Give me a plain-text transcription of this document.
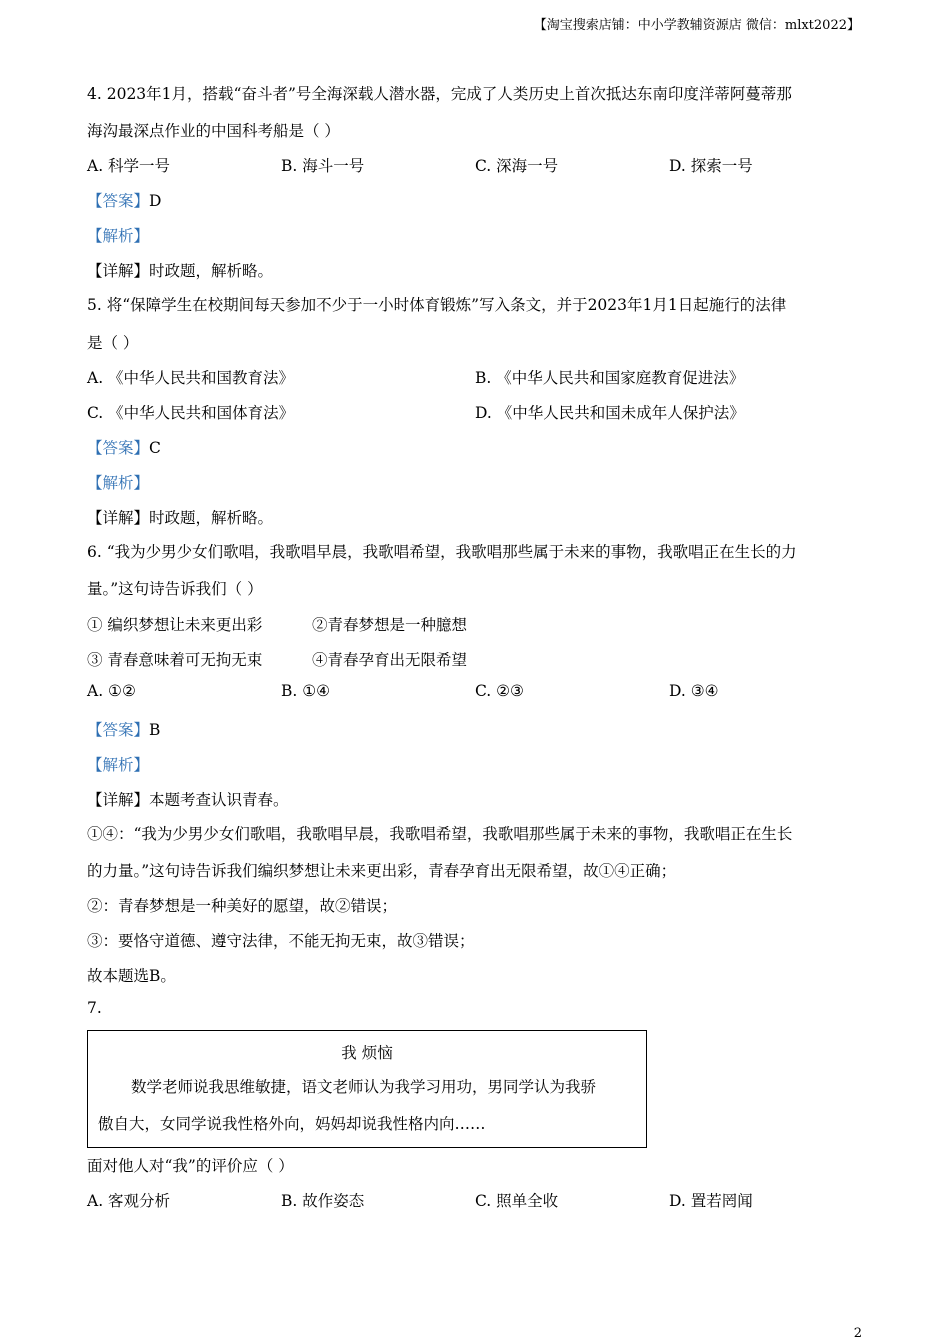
【淘宝搜索店铺：中小学教辅资源店 微信：mlxt2022】
4. 2023年1月，搭载“奋斗者”号全海深载人潜水器，完成了人类历史上首次抵达东南印度洋蒂阿蔓蒂那
海沟最深点作业的中国科考船是（ ）
A. 科学一号	B. 海斗一号	C. 深海一号	D. 探索一号
【答案】D
【解析】
【详解】时政题，解析略。
5. 将“保障学生在校期间每天参加不少于一小时体育锻炼”写入条文，并于2023年1月1日起施行的法律
是（ ）
A. 《中华人民共和国教育法》	B. 《中华人民共和国家庭教育促进法》
C. 《中华人民共和国体育法》	D. 《中华人民共和国未成年人保护法》
【答案】C
【解析】
【详解】时政题，解析略。
6. “我为少男少女们歌唱，我歌唱早晨，我歌唱希望，我歌唱那些属于未来的事物，我歌唱正在生长的力
量。”这句诗告诉我们（ ）
① 编织梦想让未来更出彩	②青春梦想是一种臆想
③ 青春意味着可无拘无束	④青春孕育出无限希望
A. ①②	B. ①④	C. ②③	D. ③④
【答案】B
【解析】
【详解】本题考查认识青春。
①④：“我为少男少女们歌唱，我歌唱早晨，我歌唱希望，我歌唱那些属于未来的事物，我歌唱正在生长
的力量。”这句诗告诉我们编织梦想让未来更出彩，青春孕育出无限希望，故①④正确；
②：青春梦想是一种美好的愿望，故②错误；
③：要恪守道德、遵守法律，不能无拘无束，故③错误；
故本题选B。
7.
我 烦恼
数学老师说我思维敏捷，语文老师认为我学习用功，男同学认为我骄
傲自大，女同学说我性格外向，妈妈却说我性格内向……
面对他人对“我”的评价应（ ）
A. 客观分析	B. 故作姿态	C. 照单全收	D. 置若罔闻
2
